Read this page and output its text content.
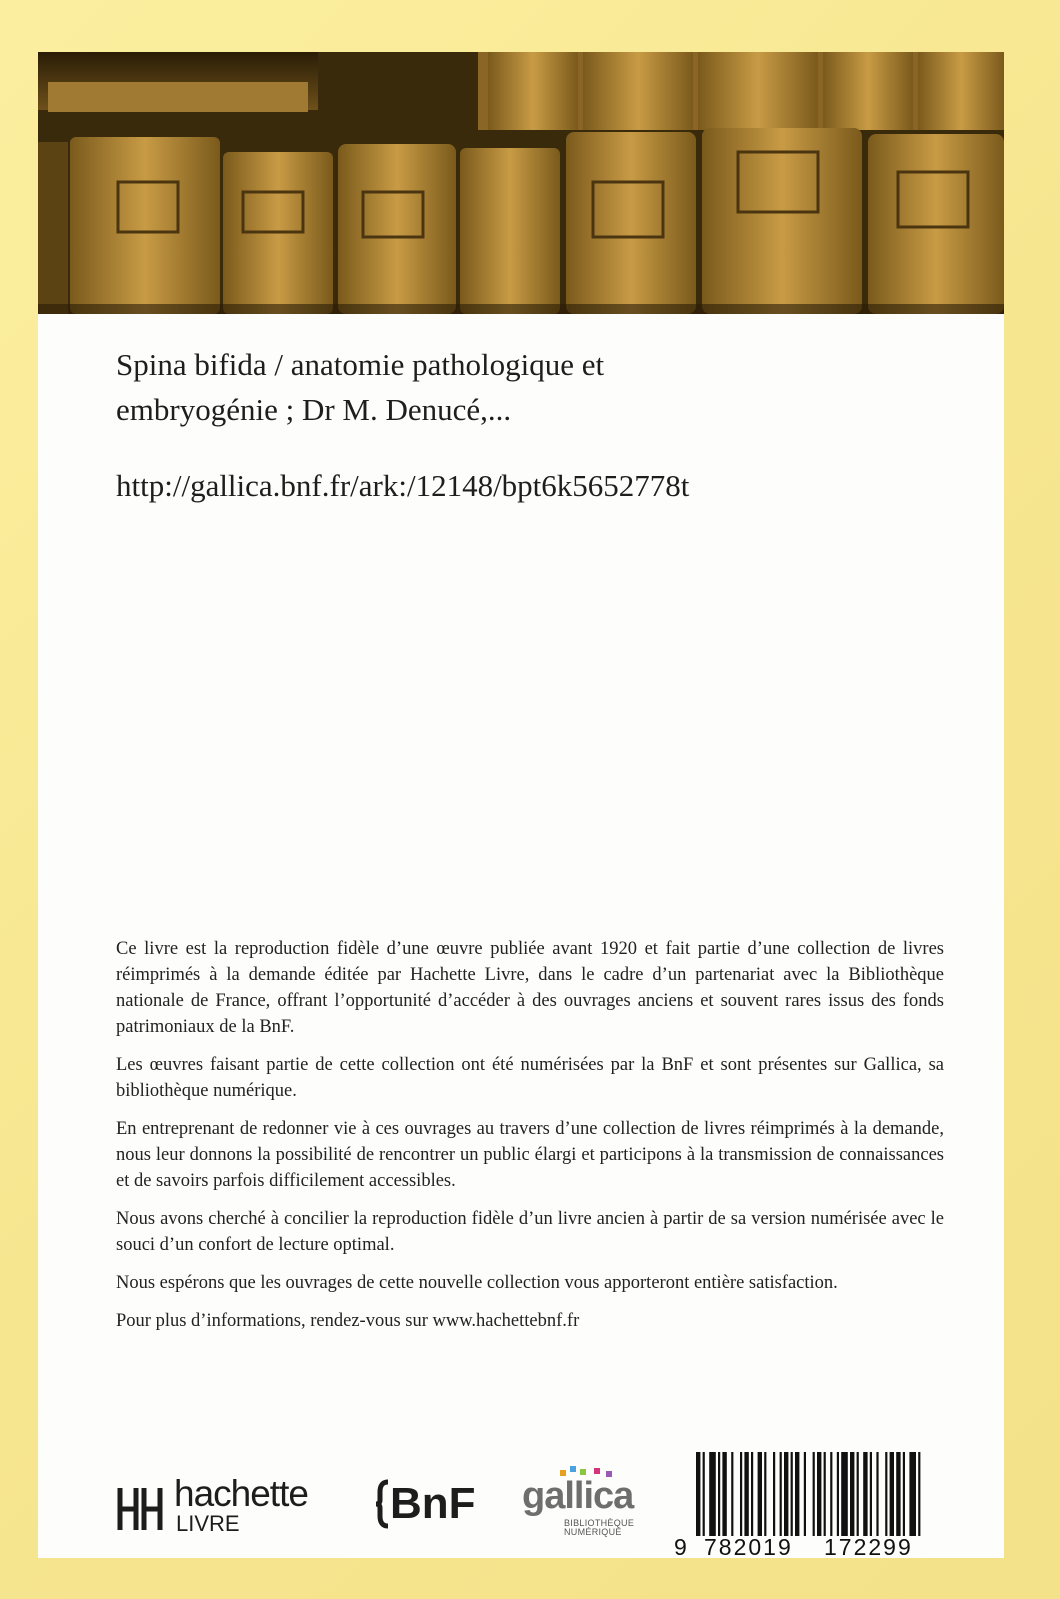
Spina bifida / anatomie pathologique et
embryogénie ; Dr M. Denucé,...
http://gallica.bnf.fr/ark:/12148/bpt6k5652778t

Ce livre est la reproduction fidèle d’une œuvre publiée avant 1920 et fait partie d’une collection de livres réimprimés à la demande éditée par Hachette Livre, dans le cadre d’un partenariat avec la Bibliothèque nationale de France, offrant l’opportunité d’accéder à des ouvrages anciens et souvent rares issus des fonds patrimoniaux de la BnF.

Les œuvres faisant partie de cette collection ont été numérisées par la BnF et sont présentes sur Gallica, sa bibliothèque numérique.

En entreprenant de redonner vie à ces ouvrages au travers d’une collection de livres réimprimés à la demande, nous leur donnons la possibilité de rencontrer un public élargi et participons à la transmission de connaissances et de savoirs parfois difficilement accessibles.

Nous avons cherché à concilier la reproduction fidèle d’un livre ancien à partir de sa version numérisée avec le souci d’un confort de lecture optimal.

Nous espérons que les ouvrages de cette nouvelle collection vous apporteront entière satisfaction.

Pour plus d’informations, rendez-vous sur www.hachettebnf.fr

hachette
LIVRE	BnF gallica
BIBLIOTHÈQUE
NUMÉRIQUE
9 782019 172299
